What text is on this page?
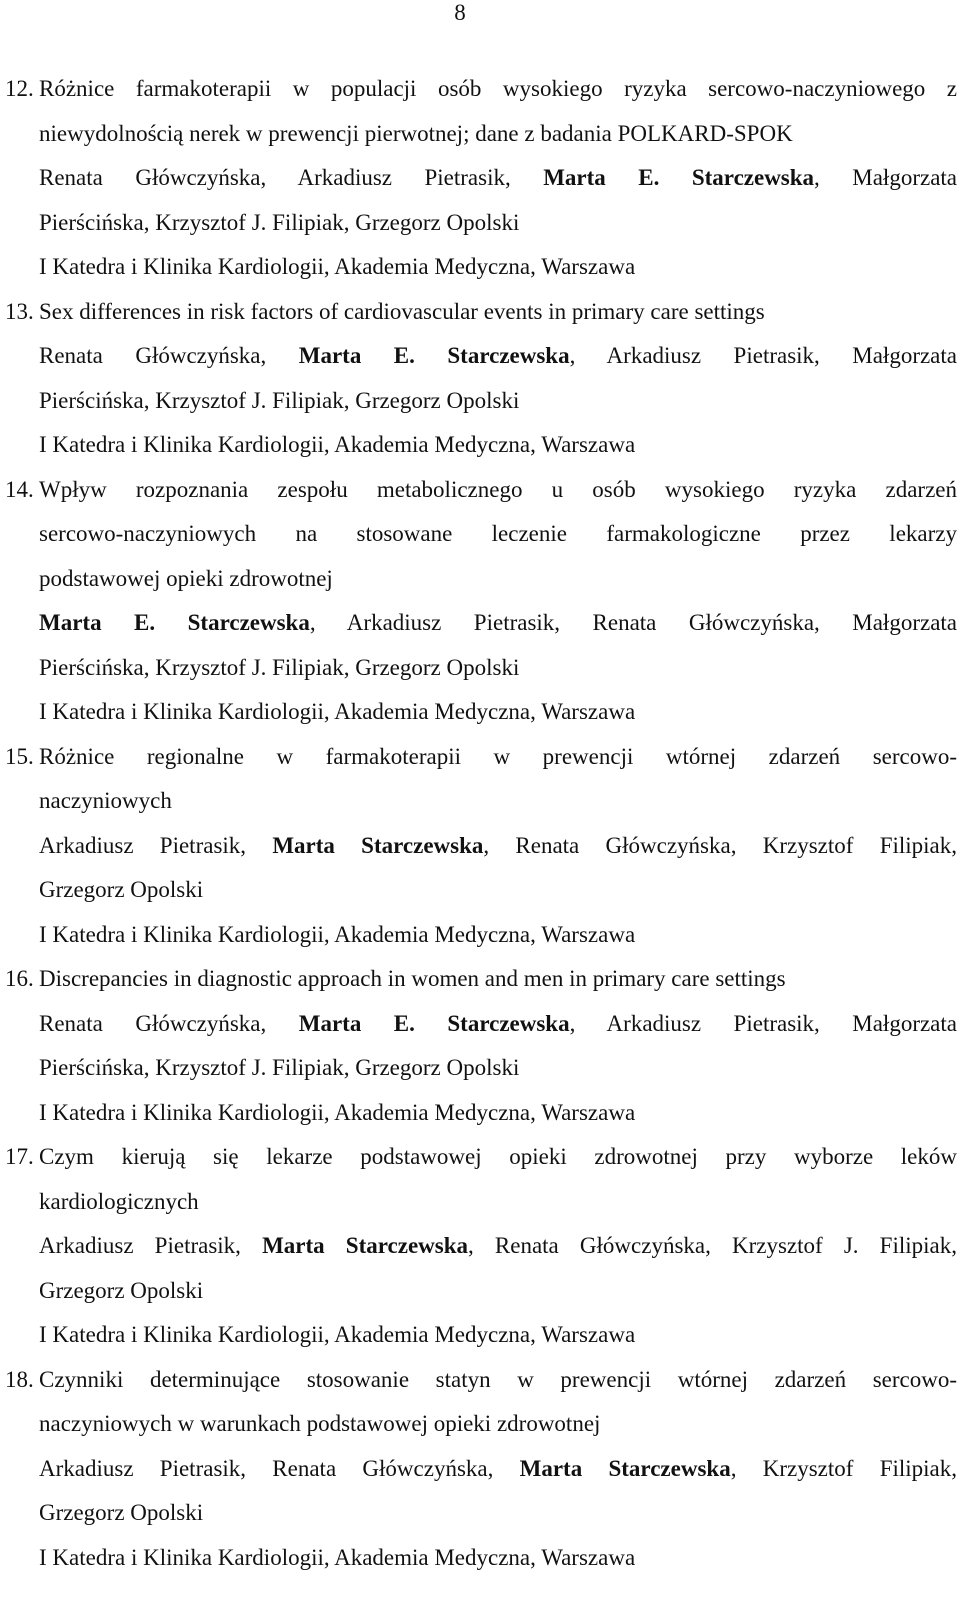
8
12. Różnice farmakoterapii w populacji osób wysokiego ryzyka sercowo-naczyniowego z
niewydolnością nerek w prewencji pierwotnej; dane z badania POLKARD-SPOK
Renata Główczyńska, Arkadiusz Pietrasik, Marta E. Starczewska, Małgorzata
Pierścińska, Krzysztof J. Filipiak, Grzegorz Opolski
I Katedra i Klinika Kardiologii, Akademia Medyczna, Warszawa
13. Sex differences in risk factors of cardiovascular events in primary care settings
Renata Główczyńska, Marta E. Starczewska, Arkadiusz Pietrasik, Małgorzata
Pierścińska, Krzysztof J. Filipiak, Grzegorz Opolski
I Katedra i Klinika Kardiologii, Akademia Medyczna, Warszawa
14. Wpływ rozpoznania zespołu metabolicznego u osób wysokiego ryzyka zdarzeń
sercowo-naczyniowych na stosowane leczenie farmakologiczne przez lekarzy
podstawowej opieki zdrowotnej
Marta E. Starczewska, Arkadiusz Pietrasik, Renata Główczyńska, Małgorzata
Pierścińska, Krzysztof J. Filipiak, Grzegorz Opolski
I Katedra i Klinika Kardiologii, Akademia Medyczna, Warszawa
15. Różnice regionalne w farmakoterapii w prewencji wtórnej zdarzeń sercowo-
naczyniowych
Arkadiusz Pietrasik, Marta Starczewska, Renata Główczyńska, Krzysztof Filipiak,
Grzegorz Opolski
I Katedra i Klinika Kardiologii, Akademia Medyczna, Warszawa
16. Discrepancies in diagnostic approach in women and men in primary care settings
Renata Główczyńska, Marta E. Starczewska, Arkadiusz Pietrasik, Małgorzata
Pierścińska, Krzysztof J. Filipiak, Grzegorz Opolski
I Katedra i Klinika Kardiologii, Akademia Medyczna, Warszawa
17. Czym kierują się lekarze podstawowej opieki zdrowotnej przy wyborze leków
kardiologicznych
Arkadiusz Pietrasik, Marta Starczewska, Renata Główczyńska, Krzysztof J. Filipiak,
Grzegorz Opolski
I Katedra i Klinika Kardiologii, Akademia Medyczna, Warszawa
18. Czynniki determinujące stosowanie statyn w prewencji wtórnej zdarzeń sercowo-
naczyniowych w warunkach podstawowej opieki zdrowotnej
Arkadiusz Pietrasik, Renata Główczyńska, Marta Starczewska, Krzysztof Filipiak,
Grzegorz Opolski
I Katedra i Klinika Kardiologii, Akademia Medyczna, Warszawa
